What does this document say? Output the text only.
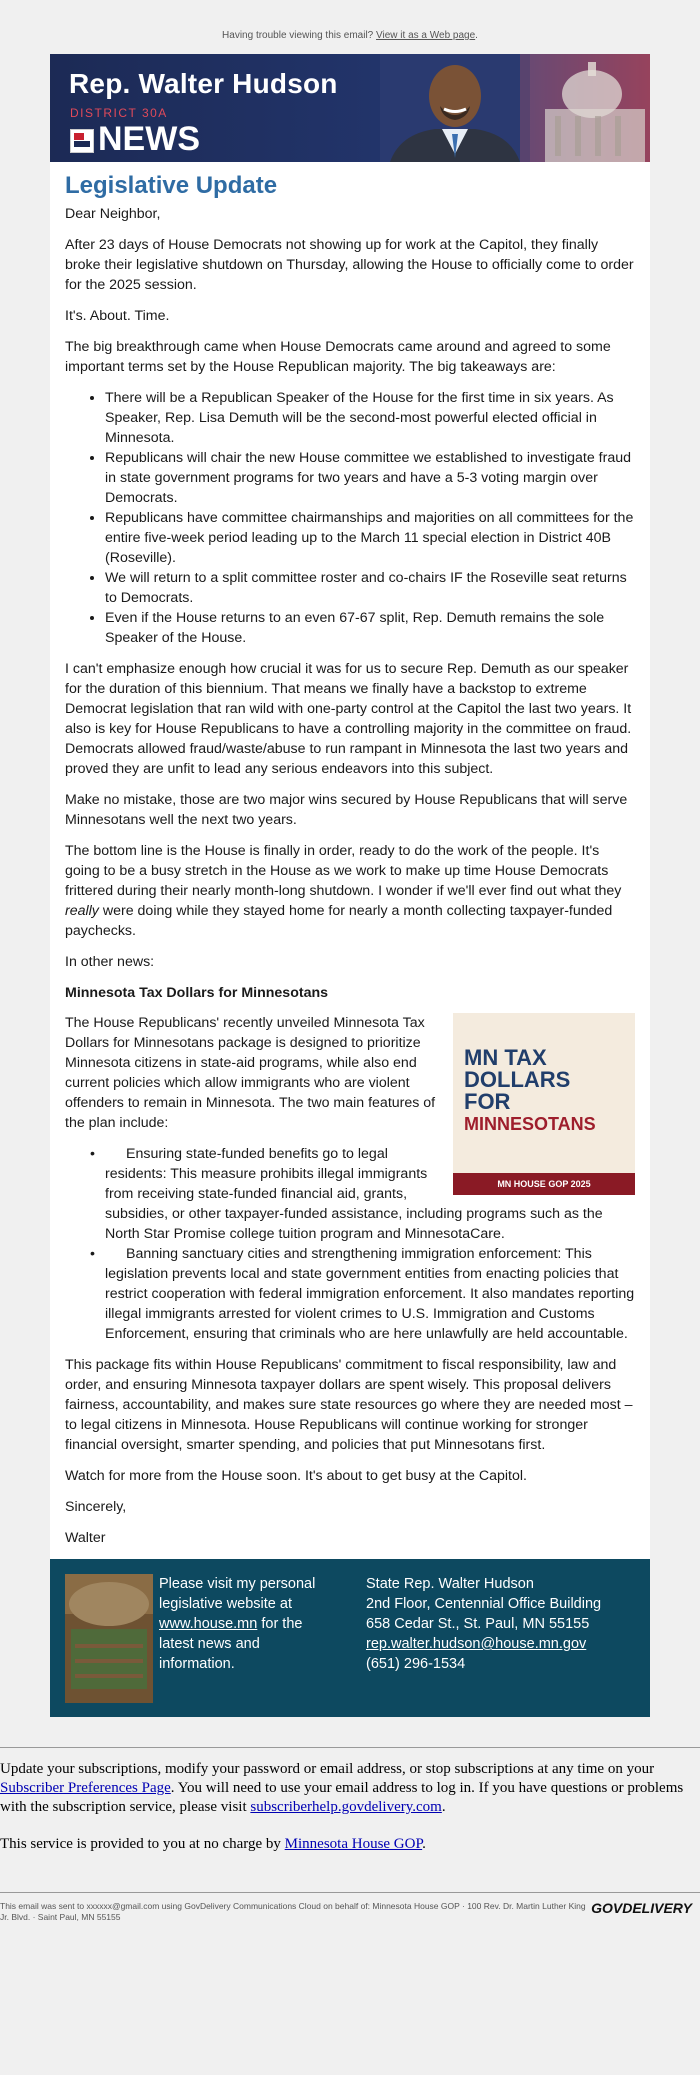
Having trouble viewing this email? View it as a Web page.
Rep. Walter Hudson
DISTRICT 30A
NEWS
Legislative Update

Dear Neighbor,

After 23 days of House Democrats not showing up for work at the Capitol, they finally broke their legislative shutdown on Thursday, allowing the House to officially come to order for the 2025 session.

It's. About. Time.

The big breakthrough came when House Democrats came around and agreed to some important terms set by the House Republican majority. The big takeaways are:

• There will be a Republican Speaker of the House for the first time in six years. As Speaker, Rep. Lisa Demuth will be the second-most powerful elected official in Minnesota.
• Republicans will chair the new House committee we established to investigate fraud in state government programs for two years and have a 5-3 voting margin over Democrats.
• Republicans have committee chairmanships and majorities on all committees for the entire five-week period leading up to the March 11 special election in District 40B (Roseville).
• We will return to a split committee roster and co-chairs IF the Roseville seat returns to Democrats.
• Even if the House returns to an even 67-67 split, Rep. Demuth remains the sole Speaker of the House.

I can't emphasize enough how crucial it was for us to secure Rep. Demuth as our speaker for the duration of this biennium. That means we finally have a backstop to extreme Democrat legislation that ran wild with one-party control at the Capitol the last two years. It also is key for House Republicans to have a controlling majority in the committee on fraud. Democrats allowed fraud/waste/abuse to run rampant in Minnesota the last two years and proved they are unfit to lead any serious endeavors into this subject.

Make no mistake, those are two major wins secured by House Republicans that will serve Minnesotans well the next two years.

The bottom line is the House is finally in order, ready to do the work of the people. It's going to be a busy stretch in the House as we work to make up time House Democrats frittered during their nearly month-long shutdown. I wonder if we'll ever find out what they really were doing while they stayed home for nearly a month collecting taxpayer-funded paychecks.

In other news:

Minnesota Tax Dollars for Minnesotans
MN TAX
DOLLARS
FOR
MINNESOTANS
MN HOUSE GOP 2025

The House Republicans' recently unveiled Minnesota Tax Dollars for Minnesotans package is designed to prioritize Minnesota citizens in state-aid programs, while also end current policies which allow immigrants who are violent offenders to remain in Minnesota. The two main features of the plan include:

• Ensuring state-funded benefits go to legal residents: This measure prohibits illegal immigrants from receiving state-funded financial aid, grants, subsidies, or other taxpayer-funded assistance, including programs such as the North Star Promise college tuition program and MinnesotaCare.
• Banning sanctuary cities and strengthening immigration enforcement: This legislation prevents local and state government entities from enacting policies that restrict cooperation with federal immigration enforcement. It also mandates reporting illegal immigrants arrested for violent crimes to U.S. Immigration and Customs Enforcement, ensuring that criminals who are here unlawfully are held accountable.

This package fits within House Republicans' commitment to fiscal responsibility, law and order, and ensuring Minnesota taxpayer dollars are spent wisely. This proposal delivers fairness, accountability, and makes sure state resources go where they are needed most – to legal citizens in Minnesota. House Republicans will continue working for stronger financial oversight, smarter spending, and policies that put Minnesotans first.

Watch for more from the House soon. It's about to get busy at the Capitol.

Sincerely,

Walter

Please visit my personal legislative website at www.house.mn for the latest news and information.
State Rep. Walter Hudson
2nd Floor, Centennial Office Building
658 Cedar St., St. Paul, MN 55155
rep.walter.hudson@house.mn.gov
(651) 296-1534

Update your subscriptions, modify your password or email address, or stop subscriptions at any time on your Subscriber Preferences Page. You will need to use your email address to log in. If you have questions or problems with the subscription service, please visit subscriberhelp.govdelivery.com.

This service is provided to you at no charge by Minnesota House GOP.

This email was sent to xxxxxx@gmail.com using GovDelivery Communications Cloud on behalf of: Minnesota House GOP · 100 Rev. Dr. Martin Luther King Jr. Blvd. · Saint Paul, MN 55155
GOVDELIVERY
